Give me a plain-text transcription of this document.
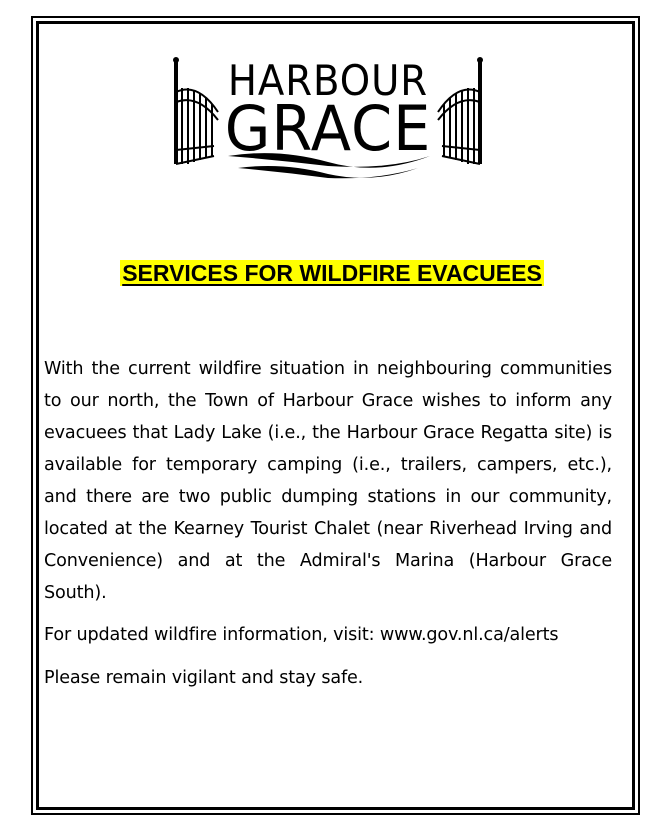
HARBOUR
GRACE
SERVICES FOR WILDFIRE EVACUEES

With the current wildfire situation in neighbouring communities to our north, the Town of Harbour Grace wishes to inform any evacuees that Lady Lake (i.e., the Harbour Grace Regatta site) is available for temporary camping (i.e., trailers, campers, etc.), and there are two public dumping stations in our community, located at the Kearney Tourist Chalet (near Riverhead Irving and Convenience) and at the Admiral's Marina (Harbour Grace South).

For updated wildfire information, visit: www.gov.nl.ca/alerts

Please remain vigilant and stay safe.
